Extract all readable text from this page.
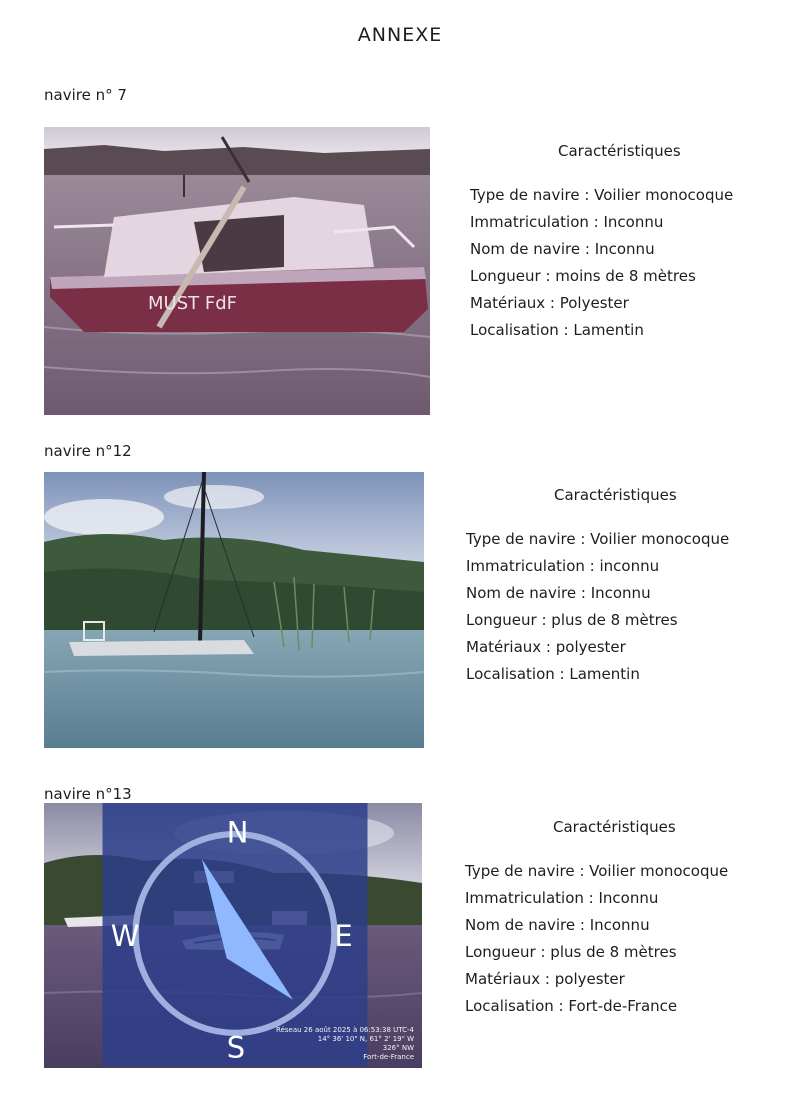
ANNEXE
navire n° 7
MUST FdF
Caractéristiques
Type de navire : Voilier monocoque
Immatriculation : Inconnu
Nom de navire : Inconnu
Longueur : moins de 8 mètres
Matériaux : Polyester
Localisation : Lamentin
navire n°12
Caractéristiques
Type de navire : Voilier monocoque
Immatriculation : inconnu
Nom de navire : Inconnu
Longueur : plus de 8 mètres
Matériaux : polyester
Localisation : Lamentin
navire n°13
N
W	E
S
Réseau 26 août 2025 à 06:53:38 UTC-4
14° 36' 10" N, 61° 2' 19" W
326° NW
Fort-de-France
Caractéristiques
Type de navire : Voilier monocoque
Immatriculation : Inconnu
Nom de navire : Inconnu
Longueur : plus de 8 mètres
Matériaux : polyester
Localisation : Fort-de-France
